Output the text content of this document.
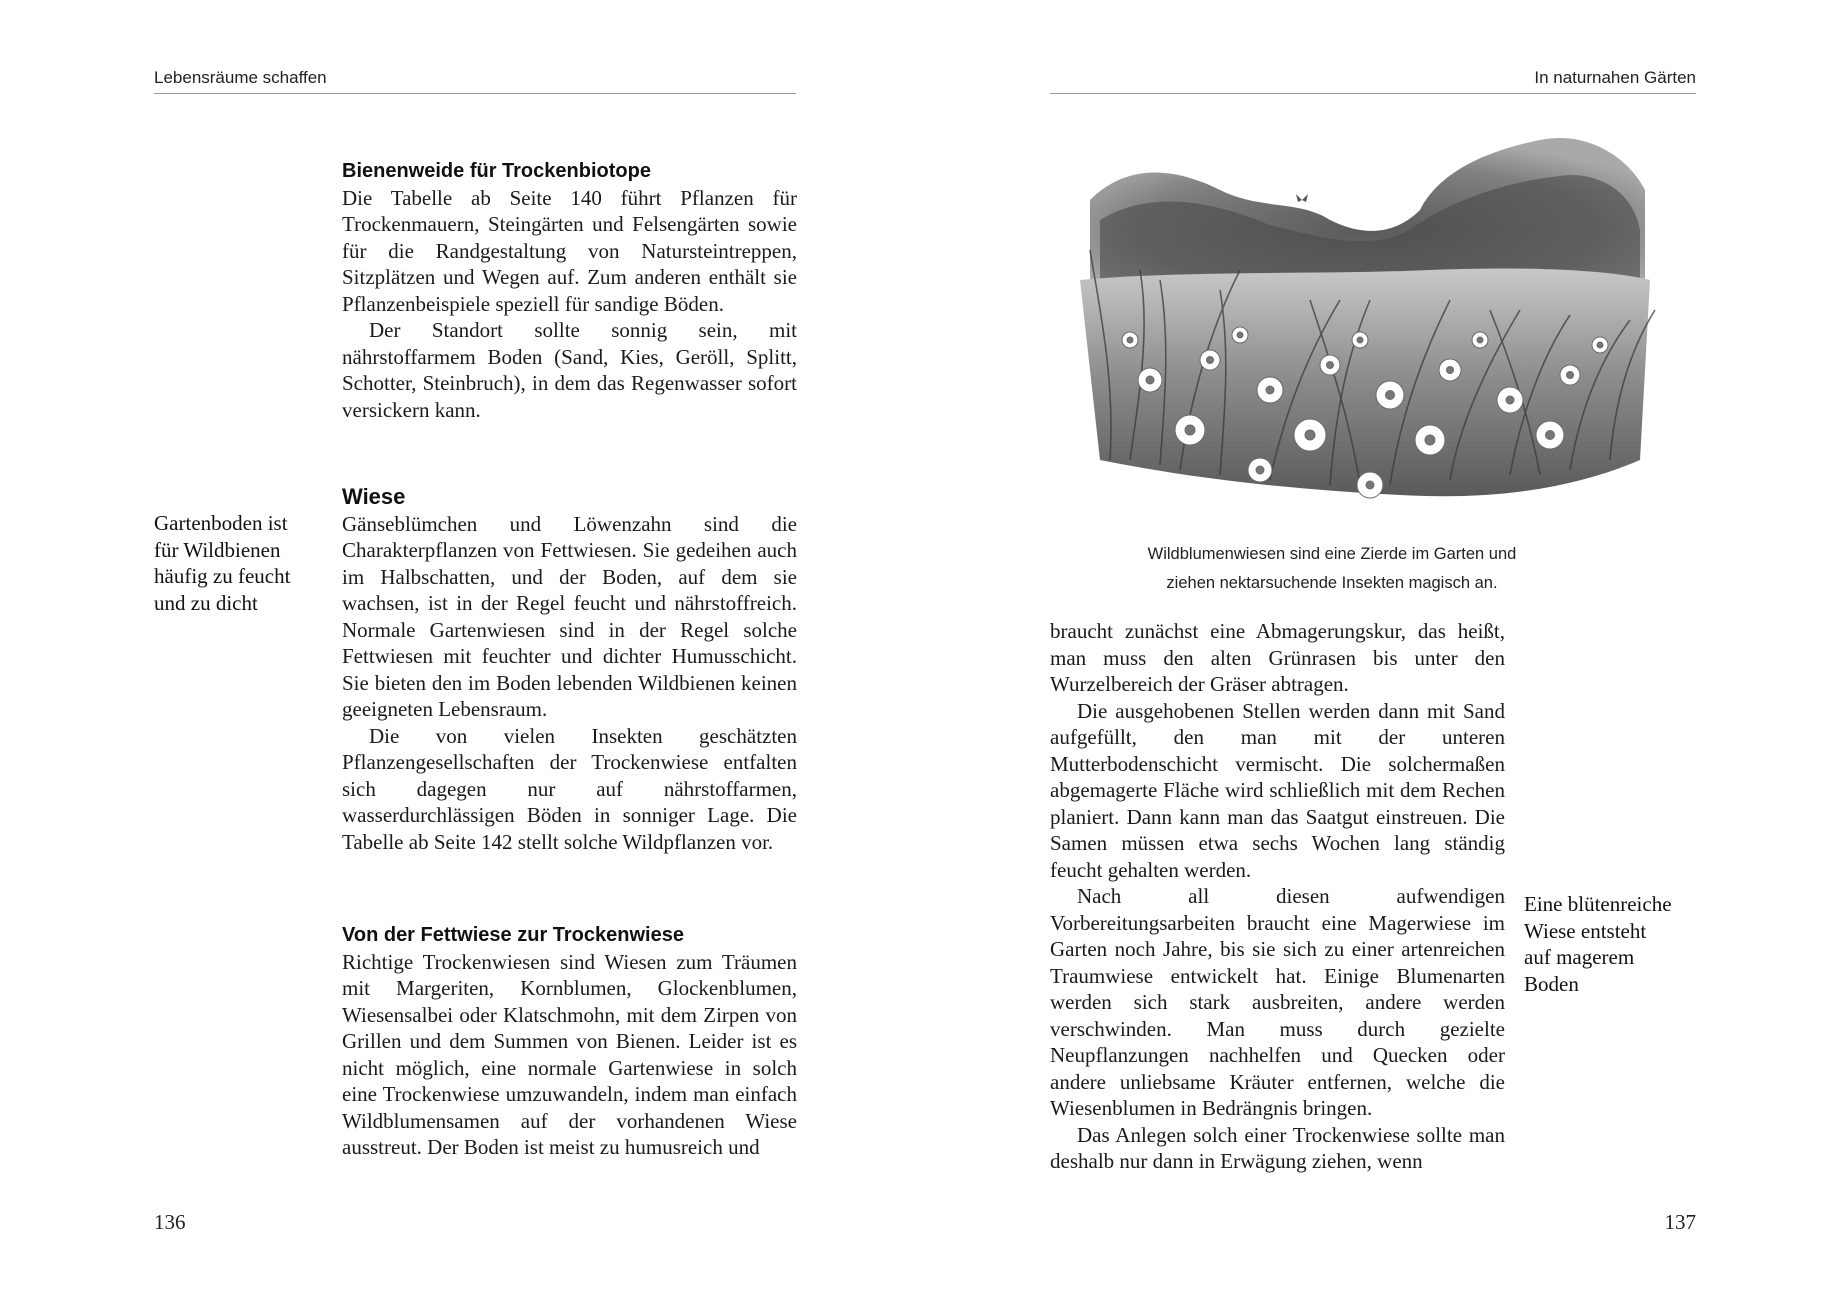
Lebensräume schaffen
Gartenboden ist
für Wildbienen
häufig zu feucht
und zu dicht
Bienenweide für Trockenbiotope

Die Tabelle ab Seite 140 führt Pflanzen für Trockenmauern, Steingärten und Felsengärten sowie für die Randgestaltung von Natursteintreppen, Sitzplätzen und Wegen auf. Zum anderen enthält sie Pflanzenbeispiele speziell für sandige Böden.

Der Standort sollte sonnig sein, mit nährstoffarmem Boden (Sand, Kies, Geröll, Splitt, Schotter, Steinbruch), in dem das Regenwasser sofort versickern kann.

Wiese

Gänseblümchen und Löwenzahn sind die Charakterpflanzen von Fettwiesen. Sie gedeihen auch im Halbschatten, und der Boden, auf dem sie wachsen, ist in der Regel feucht und nährstoffreich. Normale Gartenwiesen sind in der Regel solche Fettwiesen mit feuchter und dichter Humusschicht. Sie bieten den im Boden lebenden Wildbienen keinen geeigneten Lebensraum.

Die von vielen Insekten geschätzten Pflanzengesellschaften der Trockenwiese entfalten sich dagegen nur auf nährstoffarmen, wasserdurchlässigen Böden in sonniger Lage. Die Tabelle ab Seite 142 stellt solche Wildpflanzen vor.

Von der Fettwiese zur Trockenwiese

Richtige Trockenwiesen sind Wiesen zum Träumen mit Margeriten, Kornblumen, Glockenblumen, Wiesensalbei oder Klatschmohn, mit dem Zirpen von Grillen und dem Summen von Bienen. Leider ist es nicht möglich, eine normale Gartenwiese in solch eine Trockenwiese umzuwandeln, indem man einfach Wildblumensamen auf der vorhandenen Wiese ausstreut. Der Boden ist meist zu humusreich und

136
In naturnahen Gärten
Wildblumenwiesen sind eine Zierde im Garten und
ziehen nektarsuchende Insekten magisch an.

braucht zunächst eine Abmagerungskur, das heißt, man muss den alten Grünrasen bis unter den Wurzelbereich der Gräser abtragen.

Die ausgehobenen Stellen werden dann mit Sand aufgefüllt, den man mit der unteren Mutterbodenschicht vermischt. Die solchermaßen abgemagerte Fläche wird schließlich mit dem Rechen planiert. Dann kann man das Saatgut einstreuen. Die Samen müssen etwa sechs Wochen lang ständig feucht gehalten werden.

Nach all diesen aufwendigen Vorbereitungsarbeiten braucht eine Magerwiese im Garten noch Jahre, bis sie sich zu einer artenreichen Traumwiese entwickelt hat. Einige Blumenarten werden sich stark ausbreiten, andere werden verschwinden. Man muss durch gezielte Neupflanzungen nachhelfen und Quecken oder andere unliebsame Kräuter entfernen, welche die Wiesenblumen in Bedrängnis bringen.

Das Anlegen solch einer Trockenwiese sollte man deshalb nur dann in Erwägung ziehen, wenn

Eine blütenreiche
Wiese entsteht
auf magerem
Boden
137
